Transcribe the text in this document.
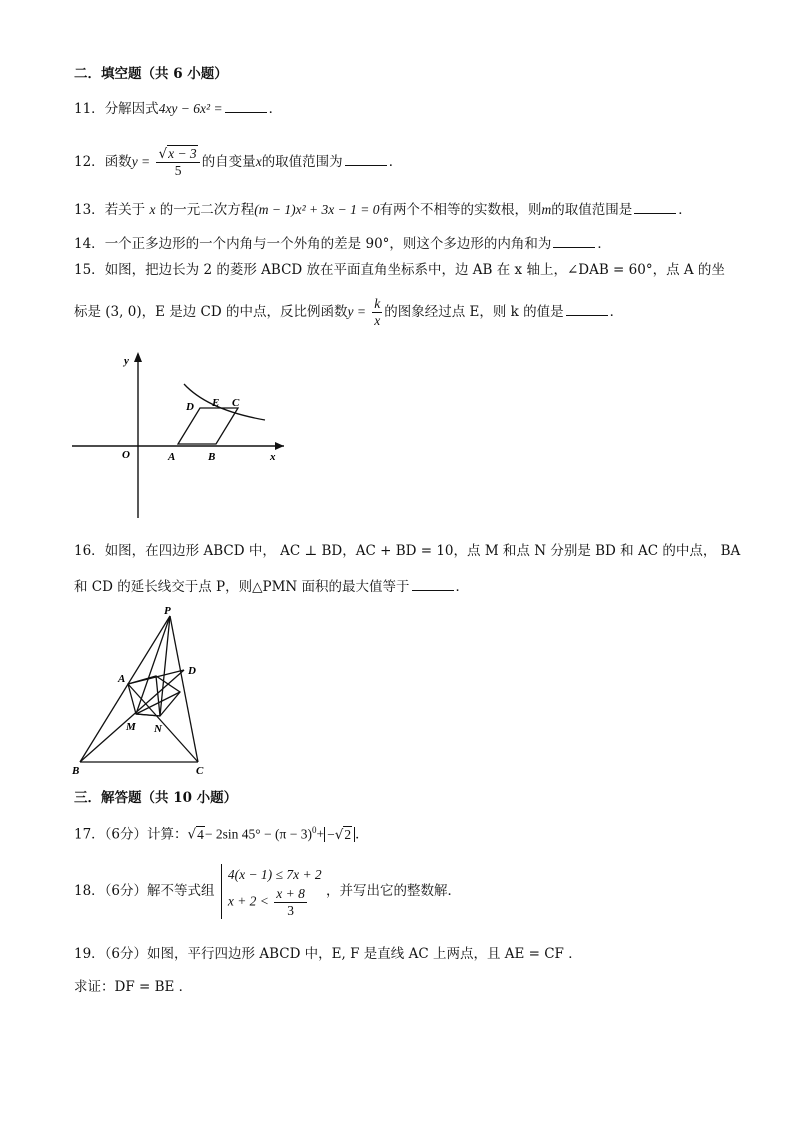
二．填空题（共 6 小题）
11．分解因式4xy − 6x² =	．
12．函数$y = \frac{√x - 3}{5}$ 的自变量x的取值范围为	．
13．若关于 x 的一元二次方程(m − 1)x² + 3x − 1 = 0有两个不相等的实数根，则m的取值范围是	．
14．一个正多边形的一个内角与一个外角的差是 90°，则这个多边形的内角和为	．
15．如图，把边长为 2 的菱形 ABCD 放在平面直角坐标系中，边 AB 在 x 轴上，∠DAB = 60°，点 A 的坐
标是 (3, 0)，E 是边 CD 的中点，反比例函数$y = \frac{k}{x}$ 的图象经过点 E，则 k 的值是	．
y
x
O	A	B
D E C
16．如图，在四边形 ABCD 中， AC ⊥ BD，AC + BD = 10，点 M 和点 N 分别是 BD 和 AC 的中点， BA
和 CD 的延长线交于点 P，则△PMN 面积的最大值等于	．
P
A
D
M N
B	C
三．解答题（共 10 小题）
17．（6分）计算：√4− 2sin $45^\circ - (\pi - 3)^0+ -√2$ ．
18．（6分）解不等式组
4(x − 1) ≤ 7x + 2
$x + 2 < \frac{x + 8}{3}$ ，并写出它的整数解．
19．（6分）如图，平行四边形 ABCD 中，E, F 是直线 AC 上两点，且 AE = CF ．
求证：DF = BE ．
